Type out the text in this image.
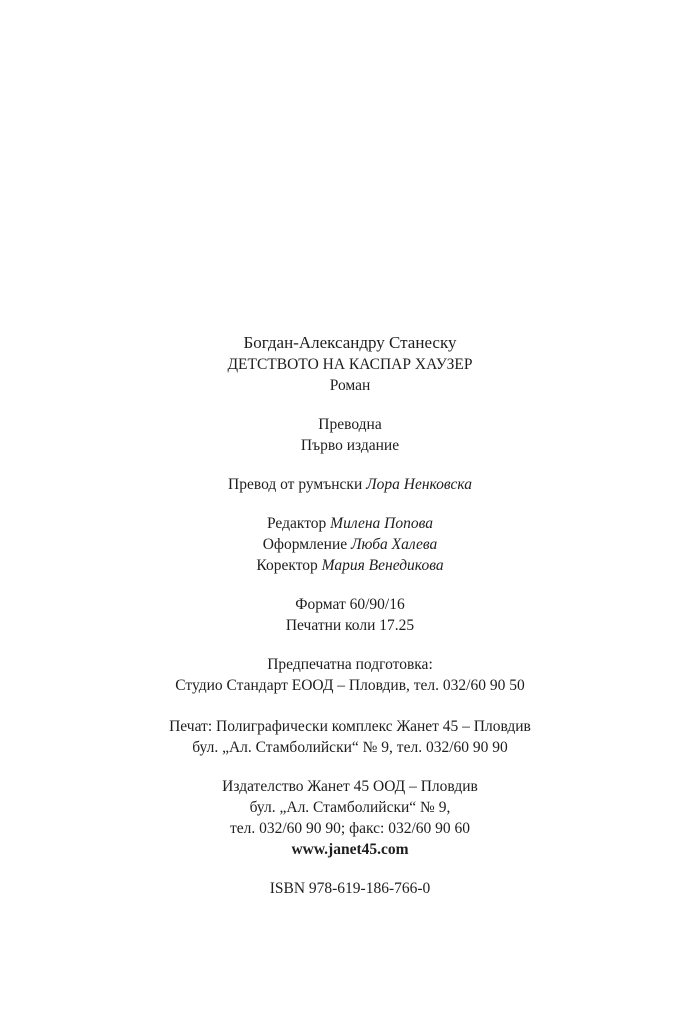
Богдан-Александру Станеску
ДЕТСТВОТО НА КАСПАР ХАУЗЕР
Роман
Преводна
Първо издание
Превод от румънски Лора Ненковска
Редактор Милена Попова
Оформление Люба Халева
Коректор Мария Венедикова
Формат 60/90/16
Печатни коли 17.25
Предпечатна подготовка:
Студио Стандарт ЕООД – Пловдив, тел. 032/60 90 50
Печат: Полиграфически комплекс Жанет 45 – Пловдив
бул. „Ал. Стамболийски“ № 9, тел. 032/60 90 90
Издателство Жанет 45 ООД – Пловдив
бул. „Ал. Стамболийски“ № 9,
тел. 032/60 90 90; факс: 032/60 90 60
www.janet45.com
ISBN 978-619-186-766-0
